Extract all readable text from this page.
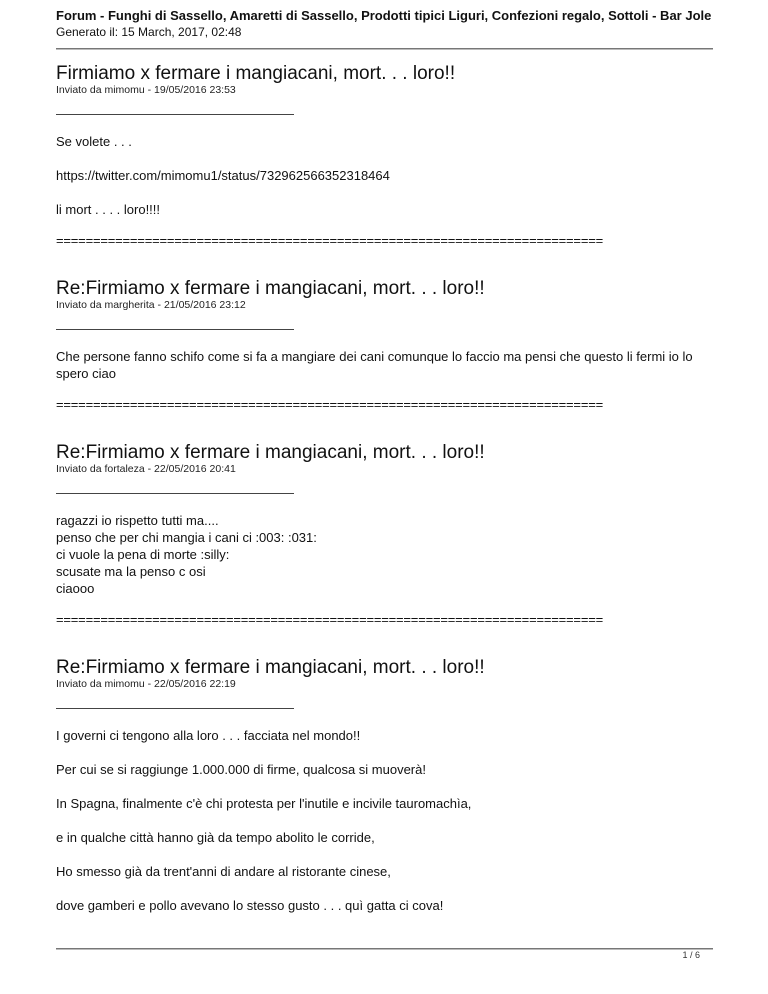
Forum - Funghi di Sassello, Amaretti di Sassello, Prodotti tipici Liguri, Confezioni regalo, Sottoli - Bar Jole
Generato il: 15 March, 2017, 02:48
Firmiamo x fermare i mangiacani, mort. . . loro!!
Inviato da mimomu - 19/05/2016 23:53

Se volete . . .

https://twitter.com/mimomu1/status/732962566352318464

li mort . . . . loro!!!!

==========================================================================
Re:Firmiamo x fermare i mangiacani, mort. . . loro!!
Inviato da margherita - 21/05/2016 23:12

Che persone fanno schifo come si fa a mangiare dei cani comunque lo faccio ma pensi che questo li fermi io lo spero ciao

==========================================================================
Re:Firmiamo x fermare i mangiacani, mort. . . loro!!
Inviato da fortaleza - 22/05/2016 20:41

ragazzi io rispetto tutti ma....

penso che per chi mangia i cani ci :003: :031:

ci vuole la pena di morte :silly:

scusate ma la penso c osi

ciaooo

==========================================================================
Re:Firmiamo x fermare i mangiacani, mort. . . loro!!
Inviato da mimomu - 22/05/2016 22:19

I governi ci tengono alla loro . . . facciata nel mondo!!

Per cui se si raggiunge 1.000.000 di firme, qualcosa si muoverà!

In Spagna, finalmente c'è chi protesta per l'inutile e incivile tauromachìa,

e in qualche città hanno già da tempo abolito le corride,

Ho smesso già da trent'anni di andare al ristorante cinese,

dove gamberi e pollo avevano lo stesso gusto . . . quì gatta ci cova!

1 / 6
